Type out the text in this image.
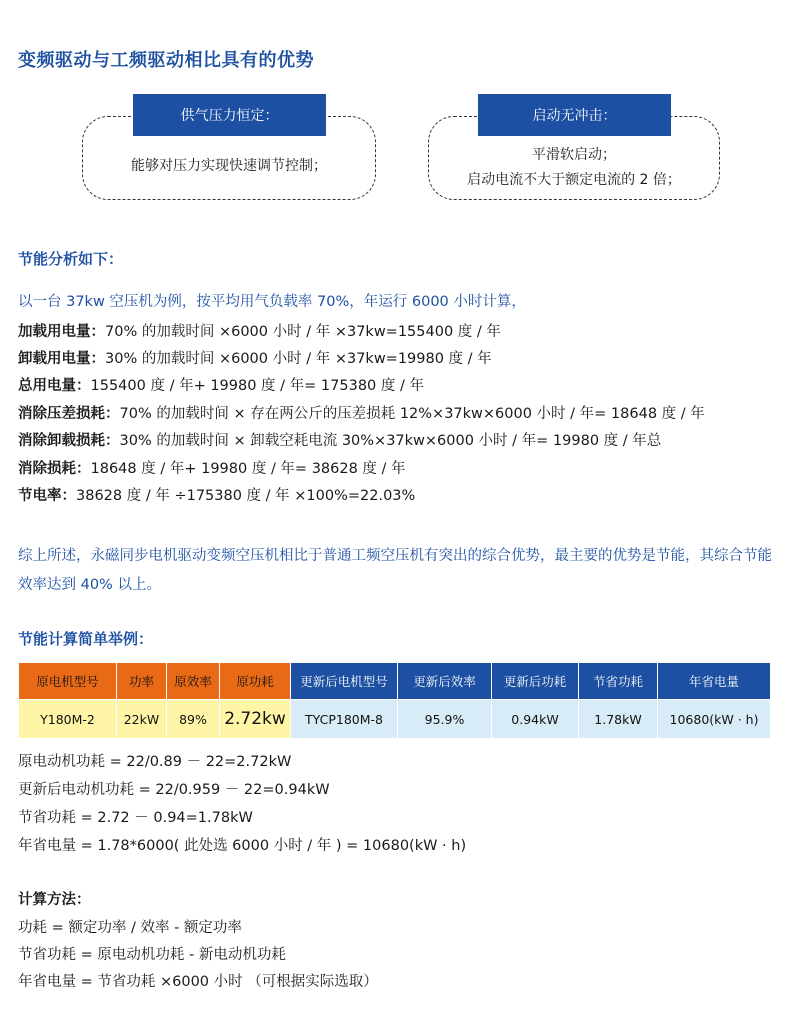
变频驱动与工频驱动相比具有的优势
能够对压力实现快速调节控制；
供气压力恒定：
平滑软启动；
启动电流不大于额定电流的 2 倍；
启动无冲击：
节能分析如下：
以一台 37kw 空压机为例，按平均用气负载率 70%，年运行 6000 小时计算，
加载用电量：70% 的加载时间 ×6000 小时 / 年 ×37kw=155400 度 / 年
卸载用电量：30% 的加载时间 ×6000 小时 / 年 ×37kw=19980 度 / 年
总用电量：155400 度 / 年+ 19980 度 / 年= 175380 度 / 年
消除压差损耗：70% 的加载时间 × 存在两公斤的压差损耗 12%×37kw×6000 小时 / 年= 18648 度 / 年
消除卸载损耗：30% 的加载时间 × 卸载空耗电流 30%×37kw×6000 小时 / 年= 19980 度 / 年总
消除损耗：18648 度 / 年+ 19980 度 / 年= 38628 度 / 年
节电率：38628 度 / 年 ÷175380 度 / 年 ×100%=22.03%
综上所述，永磁同步电机驱动变频空压机相比于普通工频空压机有突出的综合优势，最主要的优势是节能，其综合节能效率达到 40% 以上。
节能计算简单举例：
原电机型号	功率	原效率	原功耗	更新后电机型号	更新后效率	更新后功耗	节省功耗	年省电量
Y180M-2	22kW	89%	2.72kw	TYCP180M-8	95.9%	0.94kW	1.78kW	10680(kW · h)
原电动机功耗 = 22/0.89 － 22=2.72kW
更新后电动机功耗 = 22/0.959 － 22=0.94kW
节省功耗 = 2.72 － 0.94=1.78kW
年省电量 = 1.78*6000( 此处选 6000 小时 / 年 ) = 10680(kW · h)
计算方法：
功耗 = 额定功率 / 效率 - 额定功率
节省功耗 = 原电动机功耗 - 新电动机功耗
年省电量 = 节省功耗 ×6000 小时 （可根据实际选取）
